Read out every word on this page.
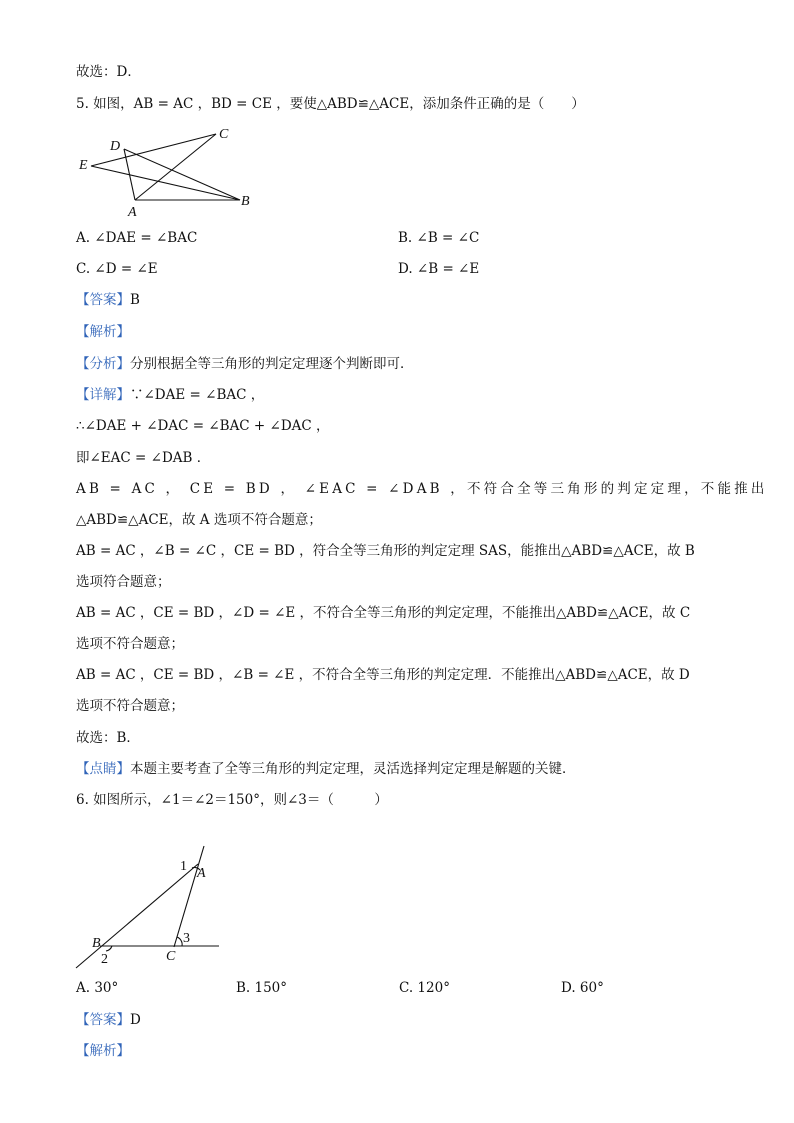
故选：D．
5. 如图，AB = AC ，BD = CE ，要使△ABD≌△ACE，添加条件正确的是（　　）
D
C
E
A
B
A. ∠DAE = ∠BAC	B. ∠B = ∠C
C. ∠D = ∠E	D. ∠B = ∠E
【答案】B
【解析】
【分析】分别根据全等三角形的判定定理逐个判断即可．
【详解】∵∠DAE = ∠BAC ，
∴∠DAE + ∠DAC = ∠BAC + ∠DAC ，
即∠EAC = ∠DAB ．
AB = AC ， CE = BD ， ∠EAC = ∠DAB ，不符合全等三角形的判定定理，不能推出
△ABD≌△ACE，故 A 选项不符合题意；
AB = AC ，∠B = ∠C ，CE = BD ，符合全等三角形的判定定理 SAS，能推出△ABD≌△ACE，故 B
选项符合题意；
AB = AC ，CE = BD ，∠D = ∠E ，不符合全等三角形的判定定理，不能推出△ABD≌△ACE，故 C
选项不符合题意；
AB = AC ，CE = BD ，∠B = ∠E ，不符合全等三角形的判定定理．不能推出△ABD≌△ACE，故 D
选项不符合题意；
故选：B．
【点睛】本题主要考查了全等三角形的判定定理，灵活选择判定定理是解题的关键．
6. 如图所示，∠1＝∠2＝150°，则∠3＝（　　　）
1 A
B	3
2	C
A. 30°	B. 150°	C. 120°	D. 60°
【答案】D
【解析】
